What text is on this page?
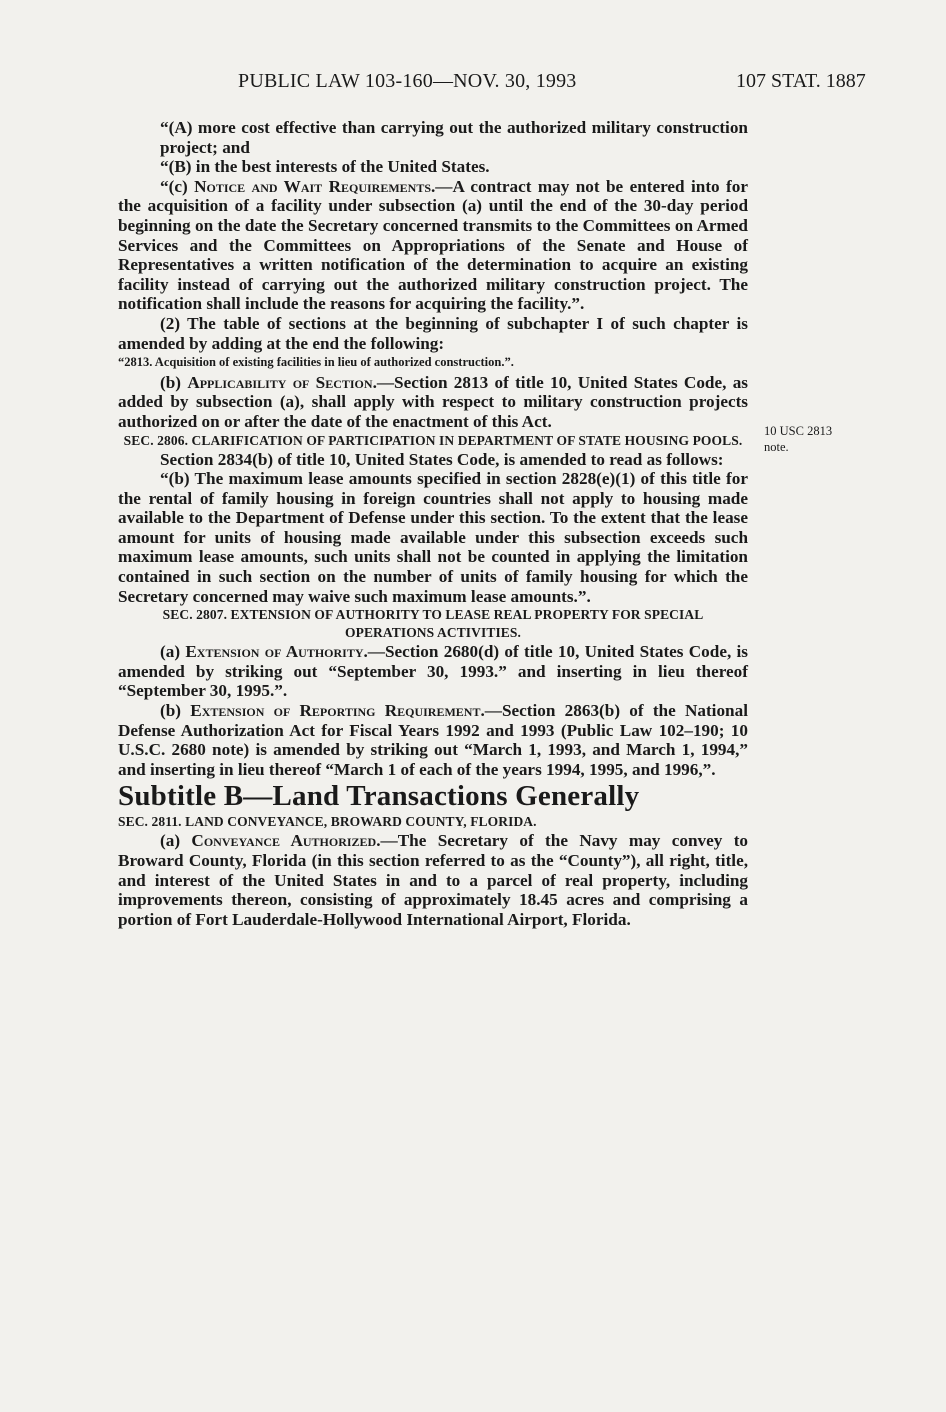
PUBLIC LAW 103-160—NOV. 30, 1993	107 STAT. 1887
10 USC 2813
note.

“(A) more cost effective than carrying out the authorized military construction project; and

“(B) in the best interests of the United States.

“(c) Notice and Wait Requirements.—A contract may not be entered into for the acquisition of a facility under subsection (a) until the end of the 30-day period beginning on the date the Secretary concerned transmits to the Committees on Armed Services and the Committees on Appropriations of the Senate and House of Representatives a written notification of the determination to acquire an existing facility instead of carrying out the authorized military construction project. The notification shall include the reasons for acquiring the facility.”.

(2) The table of sections at the beginning of subchapter I of such chapter is amended by adding at the end the following:

“2813. Acquisition of existing facilities in lieu of authorized construction.”.

(b) Applicability of Section.—Section 2813 of title 10, United States Code, as added by subsection (a), shall apply with respect to military construction projects authorized on or after the date of the enactment of this Act.

SEC. 2806. CLARIFICATION OF PARTICIPATION IN DEPARTMENT OF STATE HOUSING POOLS.

Section 2834(b) of title 10, United States Code, is amended to read as follows:

“(b) The maximum lease amounts specified in section 2828(e)(1) of this title for the rental of family housing in foreign countries shall not apply to housing made available to the Department of Defense under this section. To the extent that the lease amount for units of housing made available under this subsection exceeds such maximum lease amounts, such units shall not be counted in applying the limitation contained in such section on the number of units of family housing for which the Secretary concerned may waive such maximum lease amounts.”.

SEC. 2807. EXTENSION OF AUTHORITY TO LEASE REAL PROPERTY FOR SPECIAL OPERATIONS ACTIVITIES.

(a) Extension of Authority.—Section 2680(d) of title 10, United States Code, is amended by striking out “September 30, 1993.” and inserting in lieu thereof “September 30, 1995.”.

(b) Extension of Reporting Requirement.—Section 2863(b) of the National Defense Authorization Act for Fiscal Years 1992 and 1993 (Public Law 102–190; 10 U.S.C. 2680 note) is amended by striking out “March 1, 1993, and March 1, 1994,” and inserting in lieu thereof “March 1 of each of the years 1994, 1995, and 1996,”.

Subtitle B—Land Transactions Generally

SEC. 2811. LAND CONVEYANCE, BROWARD COUNTY, FLORIDA.

(a) Conveyance Authorized.—The Secretary of the Navy may convey to Broward County, Florida (in this section referred to as the “County”), all right, title, and interest of the United States in and to a parcel of real property, including improvements thereon, consisting of approximately 18.45 acres and comprising a portion of Fort Lauderdale-Hollywood International Airport, Florida.
